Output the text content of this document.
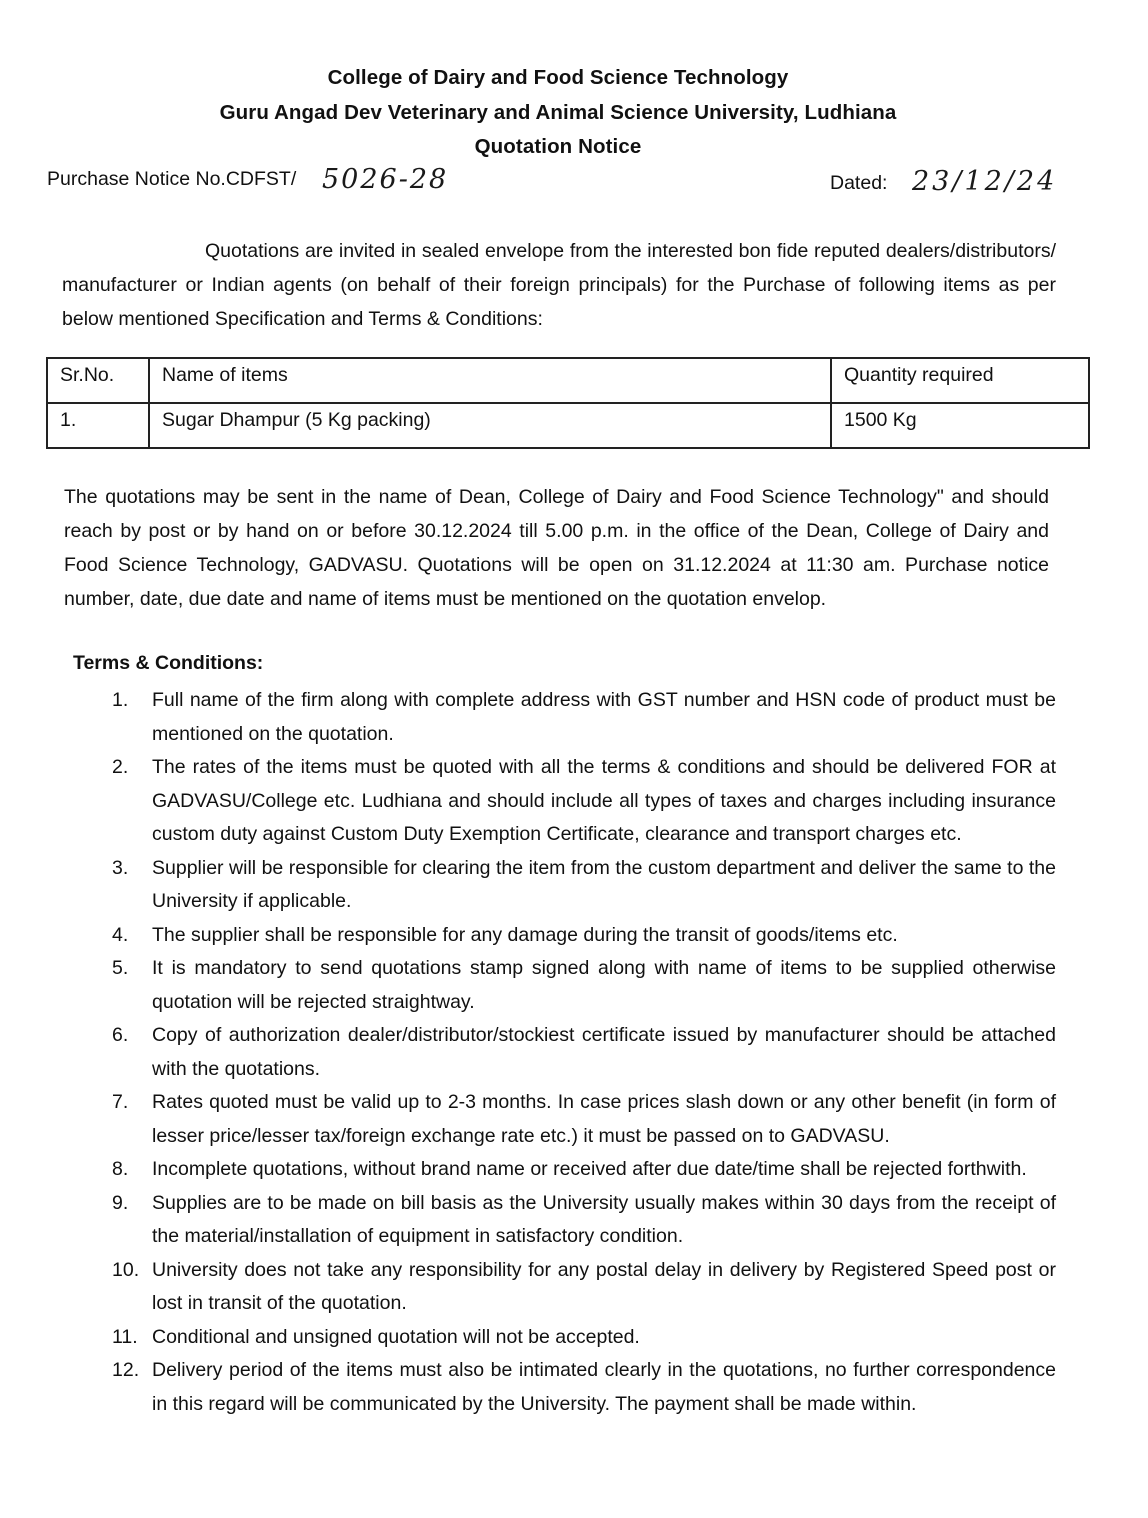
College of Dairy and Food Science Technology
Guru Angad Dev Veterinary and Animal Science University, Ludhiana
Quotation Notice
Purchase Notice No.CDFST/ 5026-28	Dated: 23/12/24
Quotations are invited in sealed envelope from the interested bon fide reputed dealers/distributors/ manufacturer or Indian agents (on behalf of their foreign principals) for the Purchase of following items as per below mentioned Specification and Terms & Conditions:
Sr.No.	Name of items	Quantity required
1.	Sugar Dhampur (5 Kg packing)	1500 Kg
The quotations may be sent in the name of Dean, College of Dairy and Food Science Technology" and should reach by post or by hand on or before 30.12.2024 till 5.00 p.m. in the office of the Dean, College of Dairy and Food Science Technology, GADVASU. Quotations will be open on 31.12.2024 at 11:30 am. Purchase notice number, date, due date and name of items must be mentioned on the quotation envelop.
Terms & Conditions:
1. Full name of the firm along with complete address with GST number and HSN code of product must be mentioned on the quotation.
2. The rates of the items must be quoted with all the terms & conditions and should be delivered FOR at GADVASU/College etc. Ludhiana and should include all types of taxes and charges including insurance custom duty against Custom Duty Exemption Certificate, clearance and transport charges etc.
3. Supplier will be responsible for clearing the item from the custom department and deliver the same to the University if applicable.
4. The supplier shall be responsible for any damage during the transit of goods/items etc.
5. It is mandatory to send quotations stamp signed along with name of items to be supplied otherwise quotation will be rejected straightway.
6. Copy of authorization dealer/distributor/stockiest certificate issued by manufacturer should be attached with the quotations.
7. Rates quoted must be valid up to 2-3 months. In case prices slash down or any other benefit (in form of lesser price/lesser tax/foreign exchange rate etc.) it must be passed on to GADVASU.
8. Incomplete quotations, without brand name or received after due date/time shall be rejected forthwith.
9. Supplies are to be made on bill basis as the University usually makes within 30 days from the receipt of the material/installation of equipment in satisfactory condition.
10. University does not take any responsibility for any postal delay in delivery by Registered Speed post or lost in transit of the quotation.
11. Conditional and unsigned quotation will not be accepted.
12. Delivery period of the items must also be intimated clearly in the quotations, no further correspondence in this regard will be communicated by the University. The payment shall be made within.
